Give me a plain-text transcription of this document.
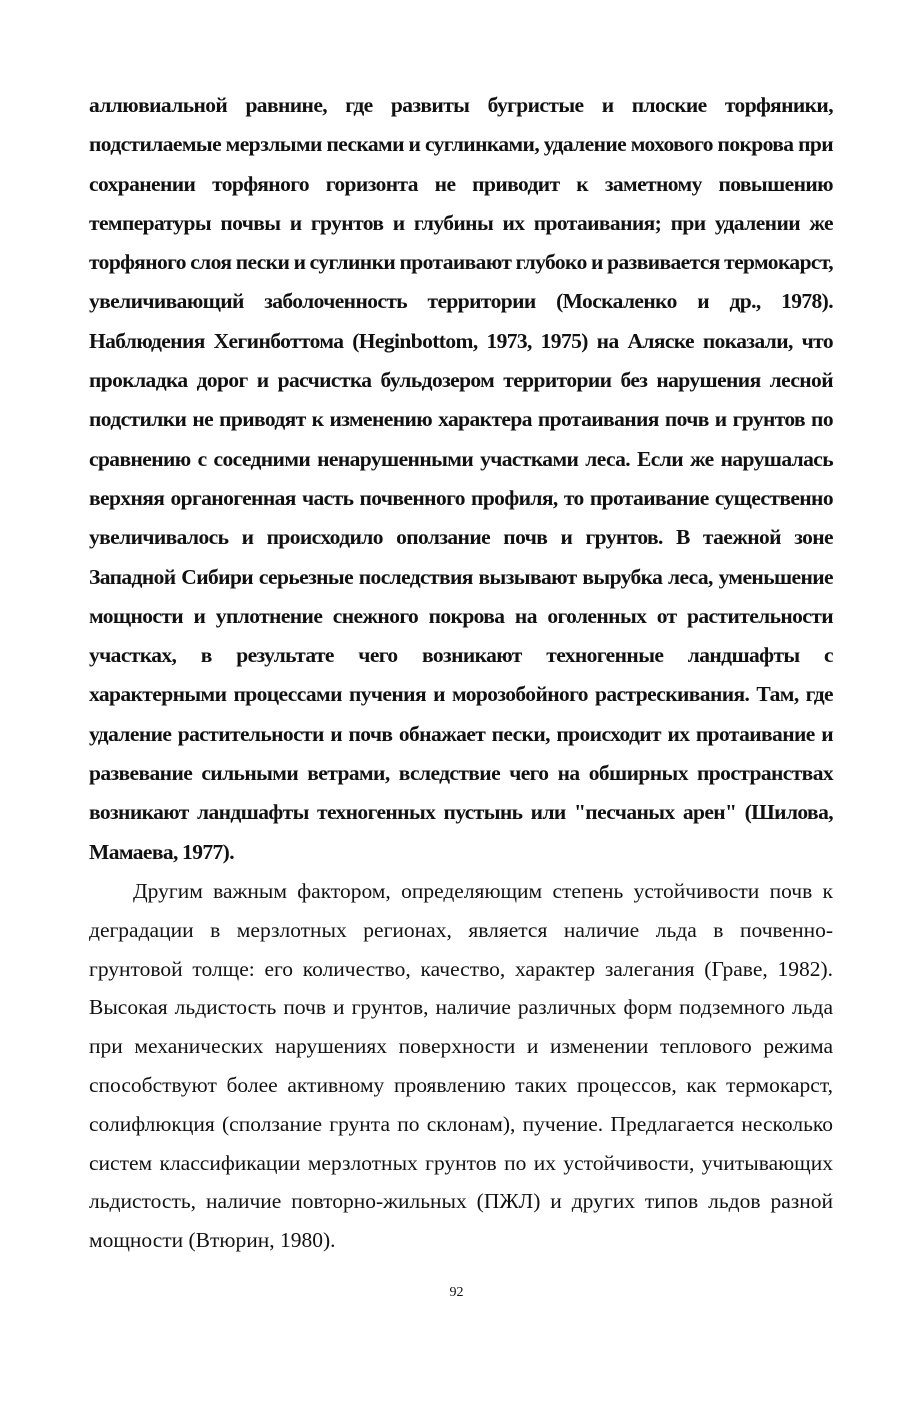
аллювиальной равнине, где развиты бугристые и плоские торфяники, подстилаемые мерзлыми песками и суглинками, удаление мохового покрова при сохранении торфяного горизонта не приводит к заметному повышению температуры почвы и грунтов и глубины их протаивания; при удалении же торфяного слоя пески и суглинки протаивают глубоко и развивается термокарст, увеличивающий заболоченность территории (Москаленко и др., 1978). Наблюдения Хегинботтома (Heginbottom, 1973, 1975) на Аляске показали, что прокладка дорог и расчистка бульдозером территории без нарушения лесной подстилки не приводят к изменению характера протаивания почв и грунтов по сравнению с соседними ненарушенными участками леса. Если же нарушалась верхняя органогенная часть почвенного профиля, то протаивание существенно увеличивалось и происходило оползание почв и грунтов. В таежной зоне Западной Сибири серьезные последствия вызывают вырубка леса, уменьшение мощности и уплотнение снежного покрова на оголенных от растительности участках, в результате чего возникают техногенные ландшафты с характерными процессами пучения и морозобойного растрескивания. Там, где удаление растительности и почв обнажает пески, происходит их протаивание и развевание сильными ветрами, вследствие чего на обширных пространствах возникают ландшафты техногенных пустынь или "песчаных арен" (Шилова, Мамаева, 1977).
Другим важным фактором, определяющим степень устойчивости почв к деградации в мерзлотных регионах, является наличие льда в почвенно-грунтовой толще: его количество, качество, характер залегания (Граве, 1982). Высокая льдистость почв и грунтов, наличие различных форм подземного льда при механических нарушениях поверхности и изменении теплового режима способствуют более активному проявлению таких процессов, как термокарст, солифлюкция (сползание грунта по склонам), пучение. Предлагается несколько систем классификации мерзлотных грунтов по их устойчивости, учитывающих льдистость, наличие повторно-жильных (ПЖЛ) и других типов льдов разной мощности (Втюрин, 1980).
92
